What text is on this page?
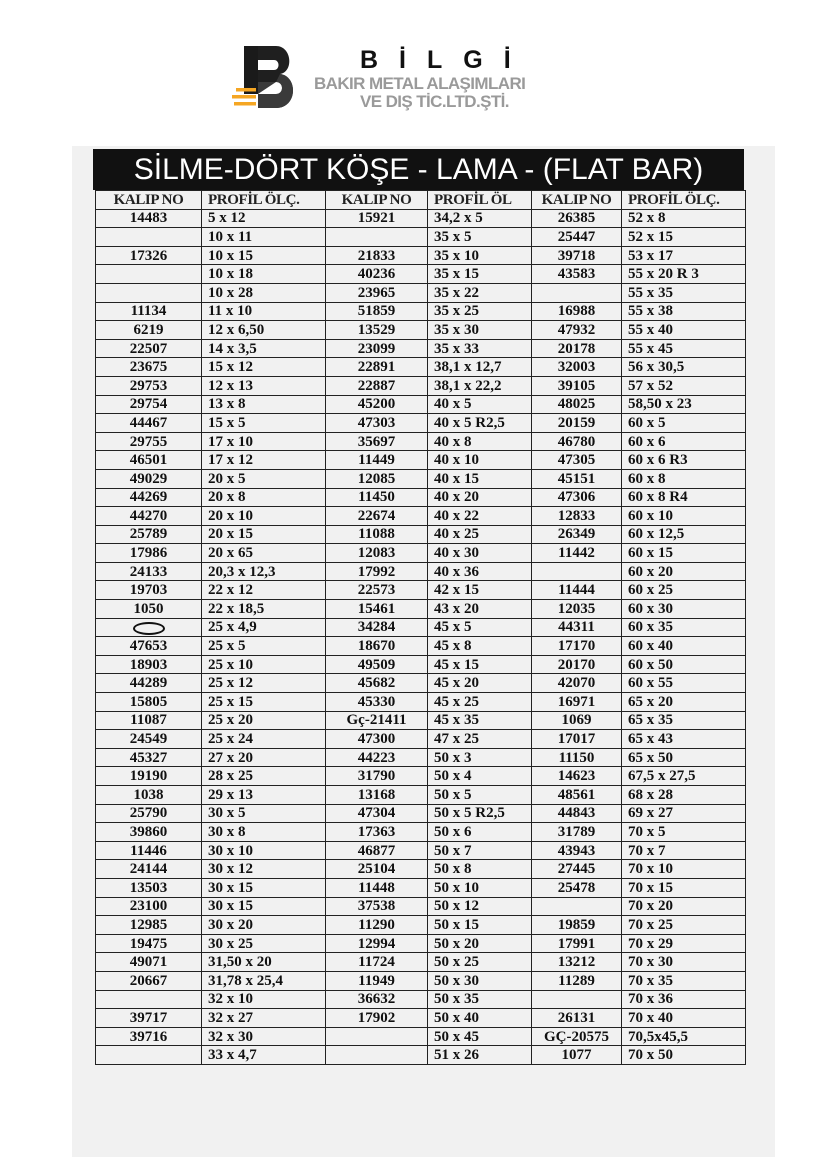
BİLGİ
BAKIR METAL ALAŞIMLARI
VE DIŞ TİC.LTD.ŞTİ.
SİLME-DÖRT KÖŞE - LAMA - (FLAT BAR)
KALIP NO	PROFİL ÖLÇ.	KALIP NO	PROFİL ÖL	KALIP NO	PROFİL ÖLÇ.
14483	5 x 12	15921	34,2 x 5	26385	52 x 8
	10 x 11		35 x 5	25447	52 x 15
17326	10 x 15	21833	35 x 10	39718	53 x 17
	10 x 18	40236	35 x 15	43583	55 x 20 R 3
	10 x 28	23965	35 x 22		55 x 35
11134	11 x 10	51859	35 x 25	16988	55 x 38
6219	12 x 6,50	13529	35 x 30	47932	55 x 40
22507	14 x 3,5	23099	35 x 33	20178	55 x 45
23675	15 x 12	22891	38,1 x 12,7	32003	56 x 30,5
29753	12 x 13	22887	38,1 x 22,2	39105	57 x 52
29754	13 x 8	45200	40 x 5	48025	58,50 x 23
44467	15 x 5	47303	40 x 5 R2,5	20159	60 x 5
29755	17 x 10	35697	40 x 8	46780	60 x 6
46501	17 x 12	11449	40 x 10	47305	60 x 6 R3
49029	20 x 5	12085	40 x 15	45151	60 x 8
44269	20 x 8	11450	40 x 20	47306	60 x 8 R4
44270	20 x 10	22674	40 x 22	12833	60 x 10
25789	20 x 15	11088	40 x 25	26349	60 x 12,5
17986	20 x 65	12083	40 x 30	11442	60 x 15
24133	20,3 x 12,3	17992	40 x 36		60 x 20
19703	22 x 12	22573	42 x 15	11444	60 x 25
1050	22 x 18,5	15461	43 x 20	12035	60 x 30
	25 x 4,9	34284	45 x 5	44311	60 x 35
47653	25 x 5	18670	45 x 8	17170	60 x 40
18903	25 x 10	49509	45 x 15	20170	60 x 50
44289	25 x 12	45682	45 x 20	42070	60 x 55
15805	25 x 15	45330	45 x 25	16971	65 x 20
11087	25 x 20	Gç-21411	45 x 35	1069	65 x 35
24549	25 x 24	47300	47 x 25	17017	65 x 43
45327	27 x 20	44223	50 x 3	11150	65 x 50
19190	28 x 25	31790	50 x 4	14623	67,5 x 27,5
1038	29 x 13	13168	50 x 5	48561	68 x 28
25790	30 x 5	47304	50 x 5 R2,5	44843	69 x 27
39860	30 x 8	17363	50 x 6	31789	70 x 5
11446	30 x 10	46877	50 x 7	43943	70 x 7
24144	30 x 12	25104	50 x 8	27445	70 x 10
13503	30 x 15	11448	50 x 10	25478	70 x 15
23100	30 x 15	37538	50 x 12		70 x 20
12985	30 x 20	11290	50 x 15	19859	70 x 25
19475	30 x 25	12994	50 x 20	17991	70 x 29
49071	31,50 x 20	11724	50 x 25	13212	70 x 30
20667	31,78 x 25,4	11949	50 x 30	11289	70 x 35
	32 x 10	36632	50 x 35		70 x 36
39717	32 x 27	17902	50 x 40	26131	70 x 40
39716	32 x 30		50 x 45	GÇ-20575	70,5x45,5
	33 x 4,7		51 x 26	1077	70 x 50
